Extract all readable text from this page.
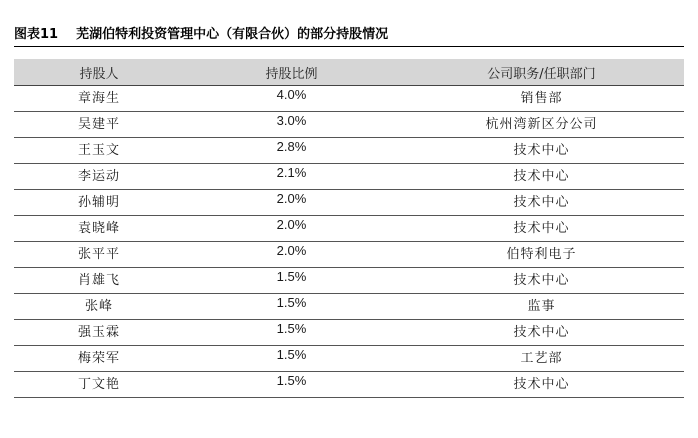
图表11 芜湖伯特利投资管理中心（有限合伙）的部分持股情况
持股人	持股比例	公司职务/任职部门
章海生	4.0%	销售部
吴建平	3.0%	杭州湾新区分公司
王玉文	2.8%	技术中心
李运动	2.1%	技术中心
孙辅明	2.0%	技术中心
袁晓峰	2.0%	技术中心
张平平	2.0%	伯特利电子
肖雄飞	1.5%	技术中心
张峰	1.5%	监事
强玉霖	1.5%	技术中心
梅荣军	1.5%	工艺部
丁文艳	1.5%	技术中心
